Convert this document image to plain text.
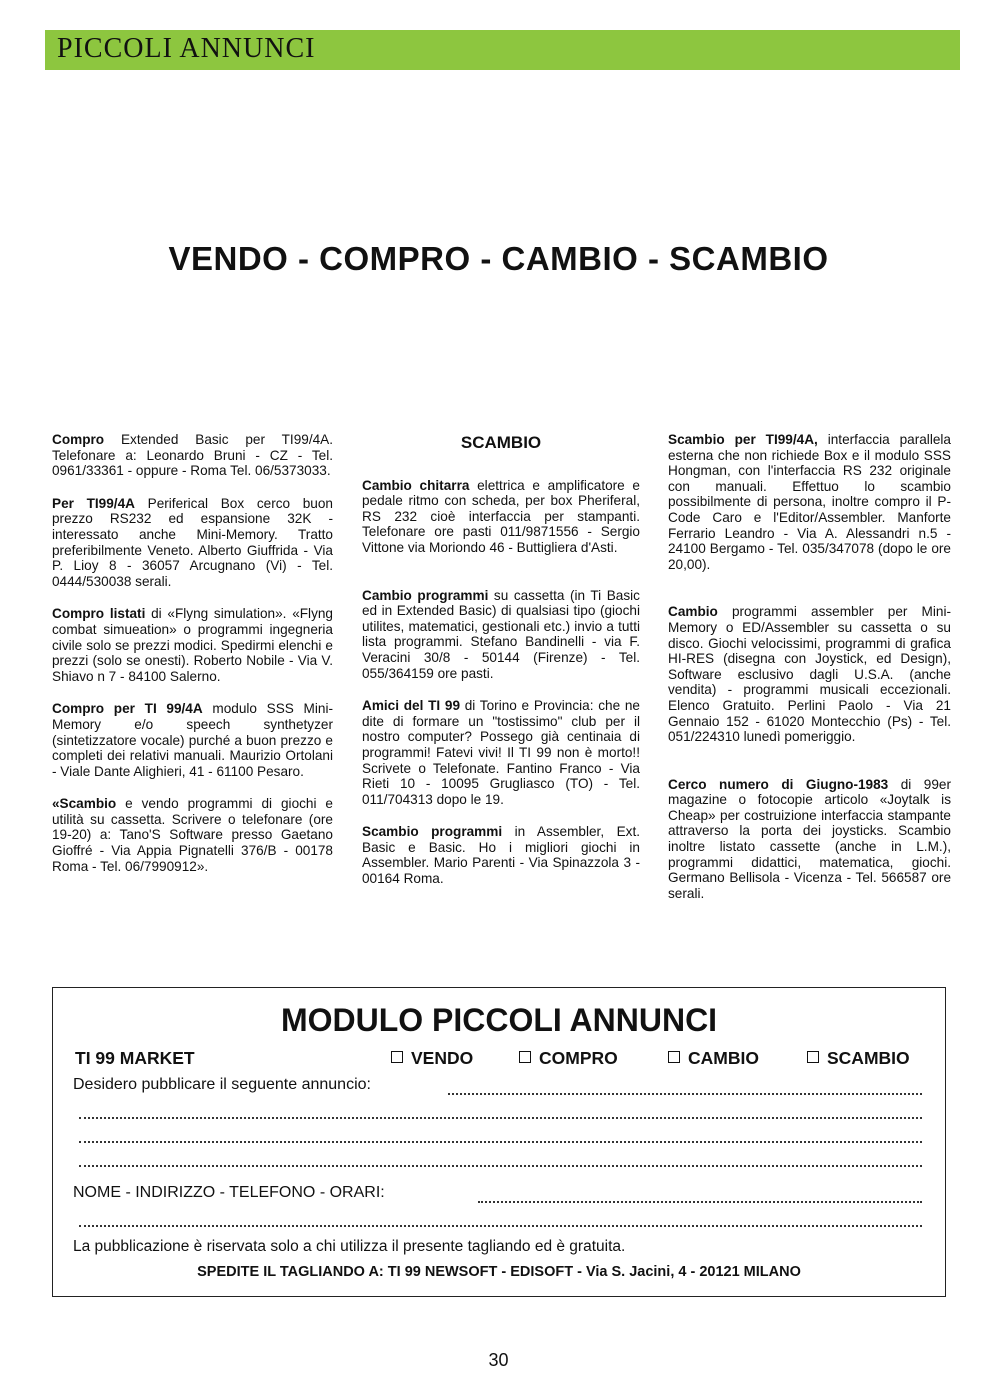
PICCOLI ANNUNCI
VENDO - COMPRO - CAMBIO - SCAMBIO

Compro Extended Basic per TI99/4A. Telefonare a: Leonardo Bruni - CZ - Tel. 0961/33361 - oppure - Roma Tel. 06/5373033.

Per TI99/4A Periferical Box cerco buon prezzo RS232 ed espansione 32K - interessato anche Mini-Memory. Tratto preferibilmente Veneto. Alberto Giuffrida - Via P. Lioy 8 - 36057 Arcugnano (Vi) - Tel. 0444/530038 serali.

Compro listati di «Flyng simulation». «Flyng combat simueation» o programmi ingegneria civile solo se prezzi modici. Spedirmi elenchi e prezzi (solo se onesti). Roberto Nobile - Via V. Shiavo n 7 - 84100 Salerno.

Compro per TI 99/4A modulo SSS Mini-Memory e/o speech synthetyzer (sintetizzatore vocale) purché a buon prezzo e completi dei relativi manuali. Maurizio Ortolani - Viale Dante Alighieri, 41 - 61100 Pesaro.

«Scambio e vendo programmi di giochi e utilità su cassetta. Scrivere o telefonare (ore 19-20) a: Tano'S Software presso Gaetano Gioffré - Via Appia Pignatelli 376/B - 00178 Roma - Tel. 06/7990912».

SCAMBIO

Cambio chitarra elettrica e amplificatore e pedale ritmo con scheda, per box Pheriferal, RS 232 cioè interfaccia per stampanti. Telefonare ore pasti 011/9871556 - Sergio Vittone via Moriondo 46 - Buttigliera d'Asti.

Cambio programmi su cassetta (in Ti Basic ed in Extended Basic) di qualsiasi tipo (giochi utilites, matematici, gestionali etc.) invio a tutti lista programmi. Stefano Bandinelli - via F. Veracini 30/8 - 50144 (Firenze) - Tel. 055/364159 ore pasti.

Amici del TI 99 di Torino e Provincia: che ne dite di formare un "tostissimo" club per il nostro computer? Possego già centinaia di programmi! Fatevi vivi! Il TI 99 non è morto!! Scrivete o Telefonate. Fantino Franco - Via Rieti 10 - 10095 Grugliasco (TO) - Tel. 011/704313 dopo le 19.

Scambio programmi in Assembler, Ext. Basic e Basic. Ho i migliori giochi in Assembler. Mario Parenti - Via Spinazzola 3 - 00164 Roma.

Scambio per TI99/4A, interfaccia parallela esterna che non richiede Box e il modulo SSS Hongman, con l'interfaccia RS 232 originale con manuali. Effettuo lo scambio possibilmente di persona, inoltre compro il P-Code Caro e l'Editor/Assembler. Manforte Ferrario Leandro - Via A. Alessandri n.5 - 24100 Bergamo - Tel. 035/347078 (dopo le ore 20,00).

Cambio programmi assembler per Mini-Memory o ED/Assembler su cassetta o su disco. Giochi velocissimi, programmi di grafica HI-RES (disegna con Joystick, ed Design), Software esclusivo dagli U.S.A. (anche vendita) - programmi musicali eccezionali. Elenco Gratuito. Perlini Paolo - Via 21 Gennaio 152 - 61020 Montecchio (Ps) - Tel. 051/224310 lunedì pomeriggio.

Cerco numero di Giugno-1983 di 99er magazine o fotocopie articolo «Joytalk is Cheap» per costruizione interfaccia stampante attraverso la porta dei joysticks. Scambio inoltre listato cassette (anche in L.M.), programmi didattici, matematica, giochi. Germano Bellisola - Vicenza - Tel. 566587 ore serali.

MODULO PICCOLI ANNUNCI
TI 99 MARKET	VENDO	COMPRO	CAMBIO	SCAMBIO
Desidero pubblicare il seguente annuncio:
NOME - INDIRIZZO - TELEFONO - ORARI:
La pubblicazione è riservata solo a chi utilizza il presente tagliando ed è gratuita.
SPEDITE IL TAGLIANDO A: TI 99 NEWSOFT - EDISOFT - Via S. Jacini, 4 - 20121 MILANO
30
